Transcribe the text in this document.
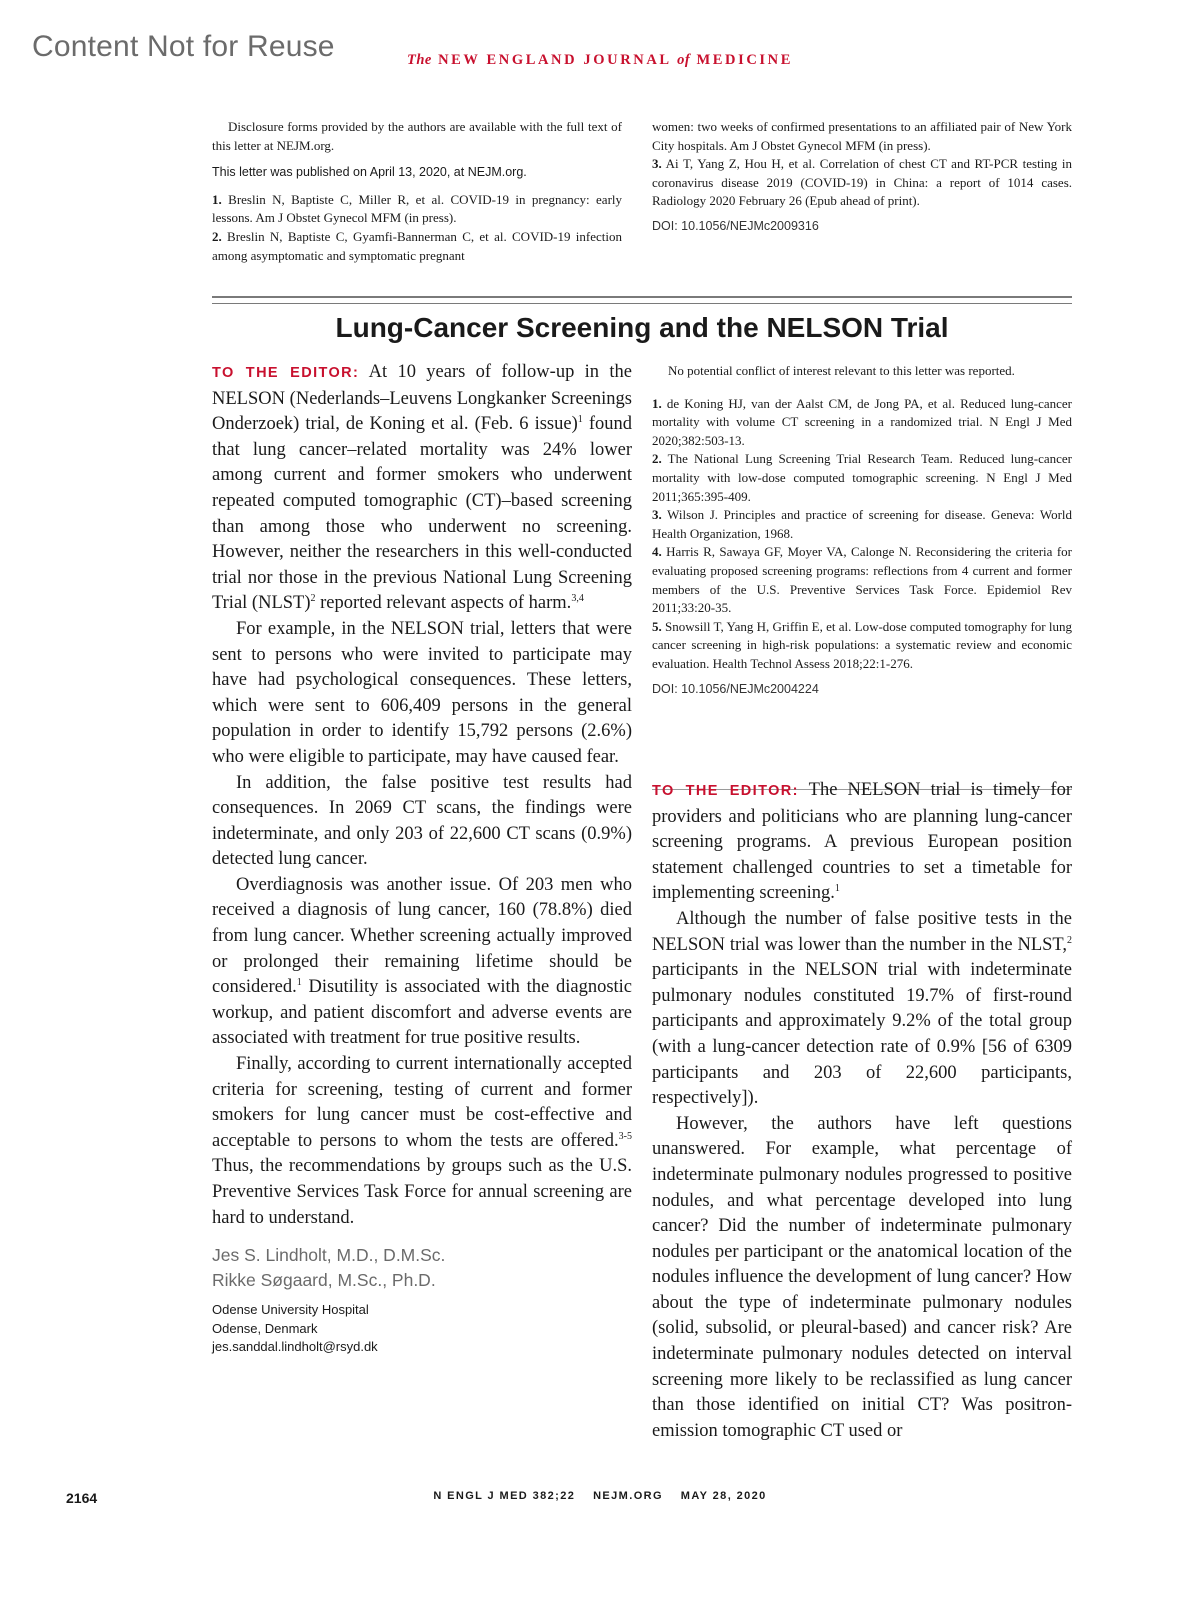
Content Not for Reuse	The NEW ENGLAND JOURNAL of MEDICINE

Disclosure forms provided by the authors are available with the full text of this letter at NEJM.org.

This letter was published on April 13, 2020, at NEJM.org.

1. Breslin N, Baptiste C, Miller R, et al. COVID-19 in pregnancy: early lessons. Am J Obstet Gynecol MFM (in press).

2. Breslin N, Baptiste C, Gyamfi-Bannerman C, et al. COVID-19 infection among asymptomatic and symptomatic pregnant

women: two weeks of confirmed presentations to an affiliated pair of New York City hospitals. Am J Obstet Gynecol MFM (in press).

3. Ai T, Yang Z, Hou H, et al. Correlation of chest CT and RT-PCR testing in coronavirus disease 2019 (COVID-19) in China: a report of 1014 cases. Radiology 2020 February 26 (Epub ahead of print).

DOI: 10.1056/NEJMc2009316

Lung-Cancer Screening and the NELSON Trial

TO THE EDITOR: At 10 years of follow-up in the NELSON (Nederlands–Leuvens Longkanker Screenings Onderzoek) trial, de Koning et al. (Feb. 6 issue)$^1$ found that lung cancer–related mortality was 24% lower among current and former smokers who underwent repeated computed tomographic (CT)–based screening than among those who underwent no screening. However, neither the researchers in this well-conducted trial nor those in the previous National Lung Screening Trial (NLST)$^2$ reported relevant aspects of harm.$^{3,4}$

For example, in the NELSON trial, letters that were sent to persons who were invited to participate may have had psychological consequences. These letters, which were sent to 606,409 persons in the general population in order to identify 15,792 persons (2.6%) who were eligible to participate, may have caused fear.

In addition, the false positive test results had consequences. In 2069 CT scans, the findings were indeterminate, and only 203 of 22,600 CT scans (0.9%) detected lung cancer.

Overdiagnosis was another issue. Of 203 men who received a diagnosis of lung cancer, 160 (78.8%) died from lung cancer. Whether screening actually improved or prolonged their remaining lifetime should be considered.$^1$ Disutility is associated with the diagnostic workup, and patient discomfort and adverse events are associated with treatment for true positive results.

Finally, according to current internationally accepted criteria for screening, testing of current and former smokers for lung cancer must be cost-effective and acceptable to persons to whom the tests are offered.$^{3-5}$ Thus, the recommendations by groups such as the U.S. Preventive Services Task Force for annual screening are hard to understand.

Jes S. Lindholt, M.D., D.M.Sc.
Rikke Søgaard, M.Sc., Ph.D.
Odense University Hospital
Odense, Denmark
jes.sanddal.lindholt@rsyd.dk

No potential conflict of interest relevant to this letter was reported.

1. de Koning HJ, van der Aalst CM, de Jong PA, et al. Reduced lung-cancer mortality with volume CT screening in a randomized trial. N Engl J Med 2020;382:503-13.

2. The National Lung Screening Trial Research Team. Reduced lung-cancer mortality with low-dose computed tomographic screening. N Engl J Med 2011;365:395-409.

3. Wilson J. Principles and practice of screening for disease. Geneva: World Health Organization, 1968.

4. Harris R, Sawaya GF, Moyer VA, Calonge N. Reconsidering the criteria for evaluating proposed screening programs: reflections from 4 current and former members of the U.S. Preventive Services Task Force. Epidemiol Rev 2011;33:20-35.

5. Snowsill T, Yang H, Griffin E, et al. Low-dose computed tomography for lung cancer screening in high-risk populations: a systematic review and economic evaluation. Health Technol Assess 2018;22:1-276.

DOI: 10.1056/NEJMc2004224

TO THE EDITOR: The NELSON trial is timely for providers and politicians who are planning lung-cancer screening programs. A previous European position statement challenged countries to set a timetable for implementing screening.$^1$

Although the number of false positive tests in the NELSON trial was lower than the number in the NLST,$^2$ participants in the NELSON trial with indeterminate pulmonary nodules constituted 19.7% of first-round participants and approximately 9.2% of the total group (with a lung-cancer detection rate of 0.9% [56 of 6309 participants and 203 of 22,600 participants, respectively]).

However, the authors have left questions unanswered. For example, what percentage of indeterminate pulmonary nodules progressed to positive nodules, and what percentage developed into lung cancer? Did the number of indeterminate pulmonary nodules per participant or the anatomical location of the nodules influence the development of lung cancer? How about the type of indeterminate pulmonary nodules (solid, subsolid, or pleural-based) and cancer risk? Are indeterminate pulmonary nodules detected on interval screening more likely to be reclassified as lung cancer than those identified on initial CT? Was positron-emission tomographic CT used or

2164	N ENGL J MED 382;22    NEJM.ORG    MAY 28, 2020
